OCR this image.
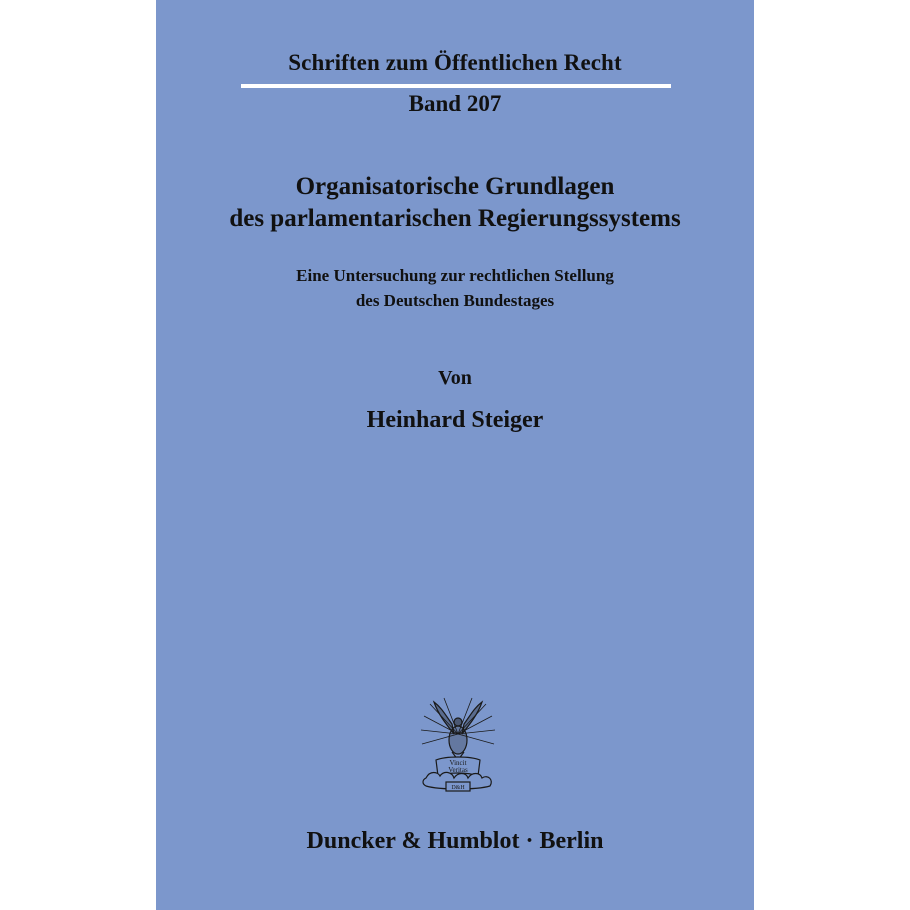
Schriften zum Öffentlichen Recht
Band 207
Organisatorische Grundlagen
des parlamentarischen Regierungssystems
Eine Untersuchung zur rechtlichen Stellung
des Deutschen Bundestages
Von
Heinhard Steiger
Vincit
Veritas
D&H
Duncker & Humblot · Berlin
